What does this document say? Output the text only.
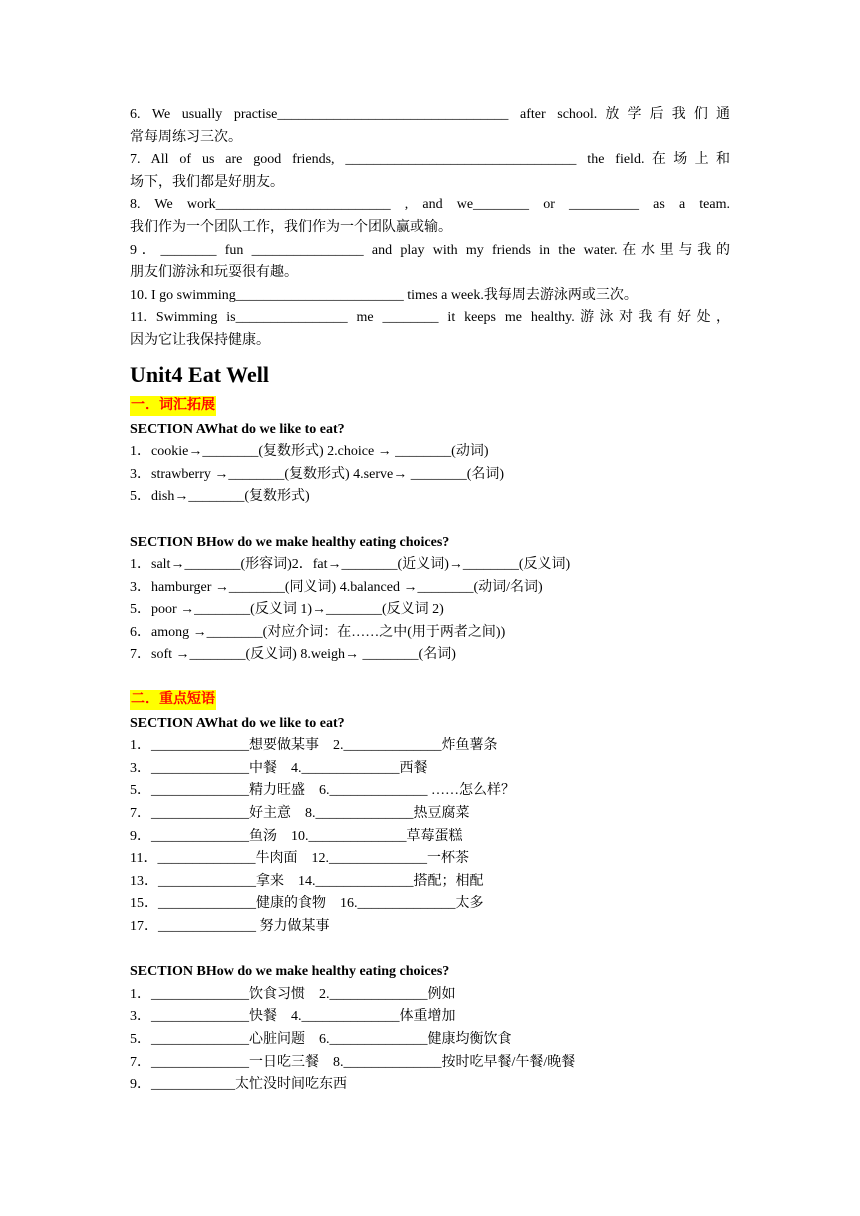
6. We usually practise_________________________________ after school.放学后我们通

常每周练习三次。

7. All of us are good friends, _________________________________ the field.在场上和

场下，我们都是好朋友。

8. We work_________________________ , and we________ or __________ as a team.

我们作为一个团队工作，我们作为一个团队赢或输。

9．________ fun ________________ and play with my friends in the water.在水里与我的

朋友们游泳和玩耍很有趣。

10. I go swimming________________________ times a week.我每周去游泳两或三次。

11. Swimming is________________ me ________ it keeps me healthy.游泳对我有好处，

因为它让我保持健康。

Unit4 Eat Well
一．词汇拓展

SECTION AWhat do we like to eat?

1．cookie→________(复数形式) 2.choice → ________(动词)

3．strawberry →________(复数形式) 4.serve→ ________(名词)

5．dish→________(复数形式)

SECTION BHow do we make healthy eating choices?

1．salt→________(形容词)2．fat→________(近义词)→________(反义词)

3．hamburger →________(同义词) 4.balanced →________(动词/名词)

5．poor →________(反义词 1)→________(反义词 2)

6．among →________(对应介词：在……之中(用于两者之间))

7．soft →________(反义词) 8.weigh→ ________(名词)

二．重点短语

SECTION AWhat do we like to eat?

1．______________想要做某事    2.______________炸鱼薯条

3．______________中餐    4.______________西餐

5．______________精力旺盛    6.______________ ……怎么样？

7．______________好主意    8.______________热豆腐菜

9．______________鱼汤    10.______________草莓蛋糕

11．______________牛肉面    12.______________一杯茶

13．______________拿来    14.______________搭配；相配

15．______________健康的食物    16.______________太多

17．______________ 努力做某事

SECTION BHow do we make healthy eating choices?

1．______________饮食习惯    2.______________例如

3．______________快餐    4.______________体重增加

5．______________心脏问题    6.______________健康均衡饮食

7．______________一日吃三餐    8.______________按时吃早餐/午餐/晚餐

9．____________太忙没时间吃东西
